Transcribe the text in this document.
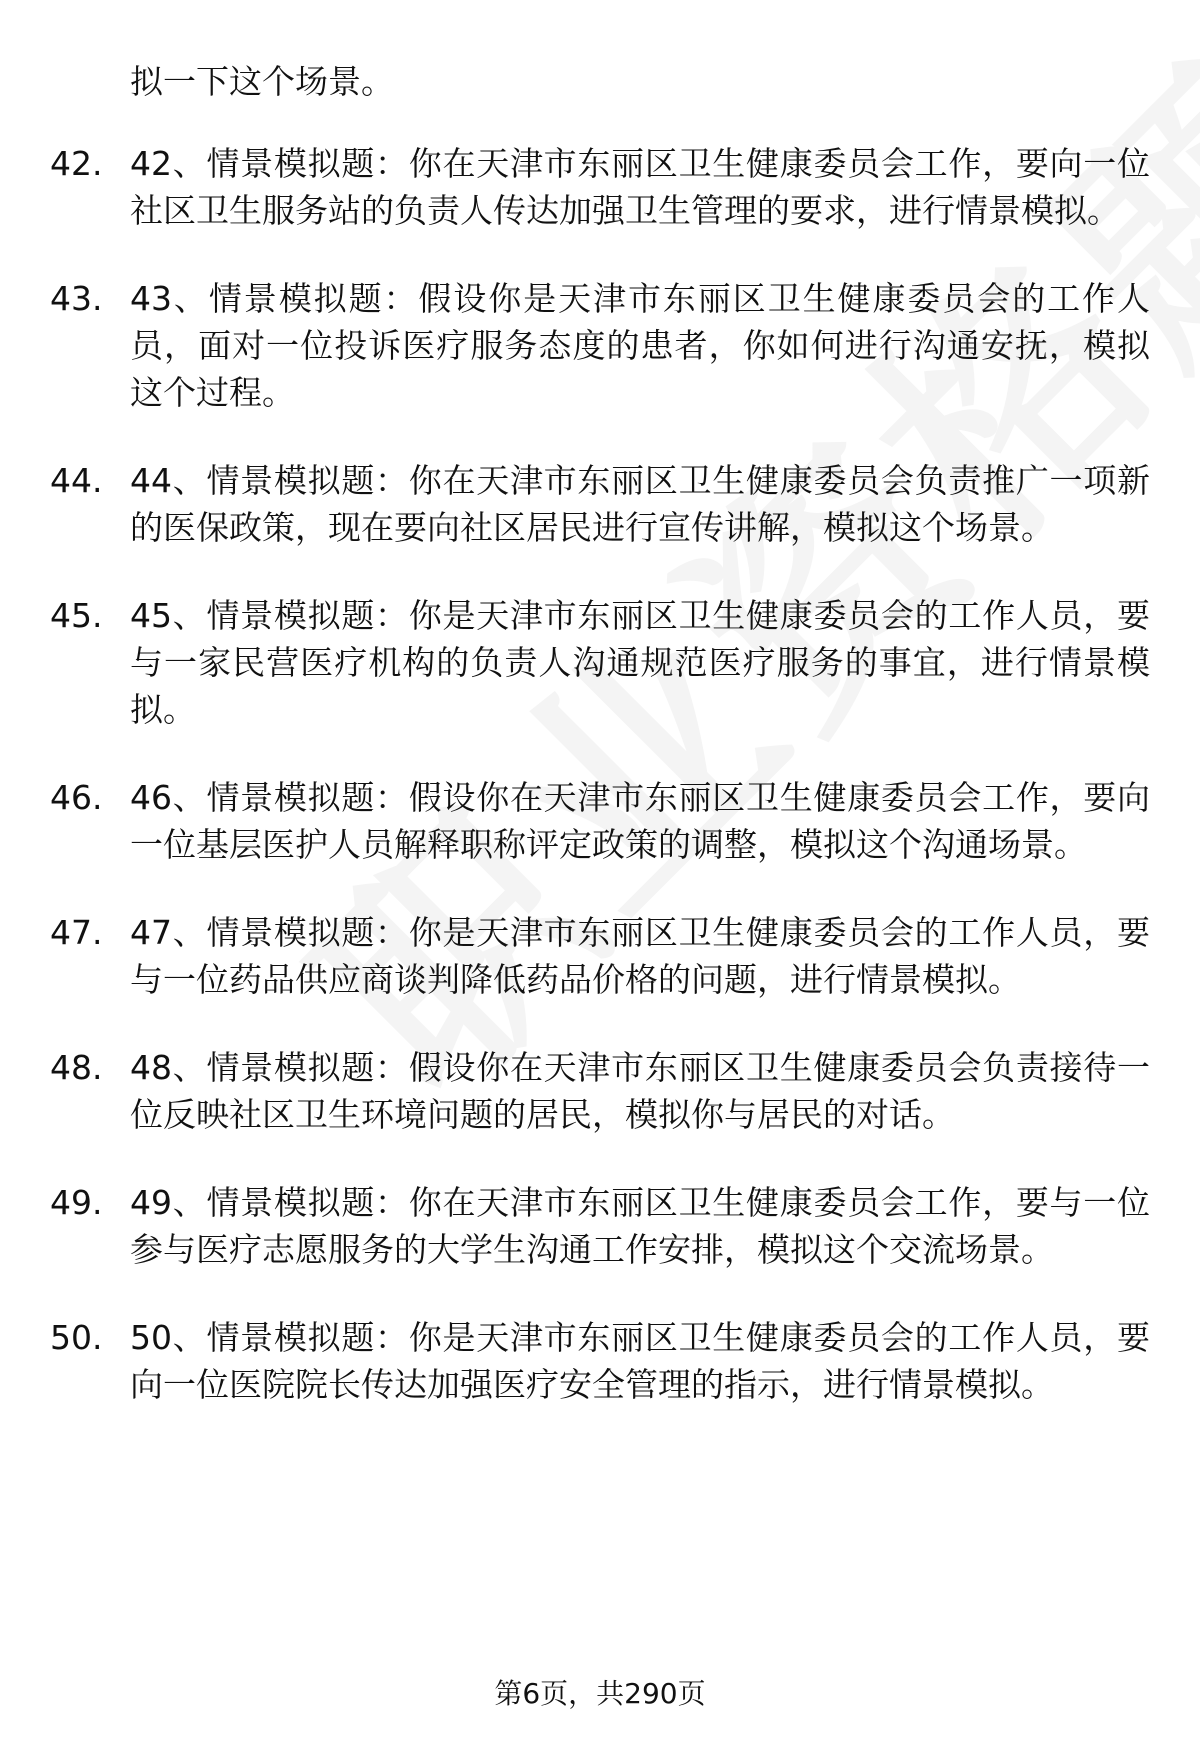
拟一下这个场景。
42. 42、情景模拟题：你在天津市东丽区卫生健康委员会工作，要向一位社区卫生服务站的负责人传达加强卫生管理的要求，进行情景模拟。
43. 43、情景模拟题：假设你是天津市东丽区卫生健康委员会的工作人员，面对一位投诉医疗服务态度的患者，你如何进行沟通安抚，模拟这个过程。
44. 44、情景模拟题：你在天津市东丽区卫生健康委员会负责推广一项新的医保政策，现在要向社区居民进行宣传讲解，模拟这个场景。
45. 45、情景模拟题：你是天津市东丽区卫生健康委员会的工作人员，要与一家民营医疗机构的负责人沟通规范医疗服务的事宜，进行情景模拟。
46. 46、情景模拟题：假设你在天津市东丽区卫生健康委员会工作，要向一位基层医护人员解释职称评定政策的调整，模拟这个沟通场景。
47. 47、情景模拟题：你是天津市东丽区卫生健康委员会的工作人员，要与一位药品供应商谈判降低药品价格的问题，进行情景模拟。
48. 48、情景模拟题：假设你在天津市东丽区卫生健康委员会负责接待一位反映社区卫生环境问题的居民，模拟你与居民的对话。
49. 49、情景模拟题：你在天津市东丽区卫生健康委员会工作，要与一位参与医疗志愿服务的大学生沟通工作安排，模拟这个交流场景。
50. 50、情景模拟题：你是天津市东丽区卫生健康委员会的工作人员，要向一位医院院长传达加强医疗安全管理的指示，进行情景模拟。
第6页，共290页
